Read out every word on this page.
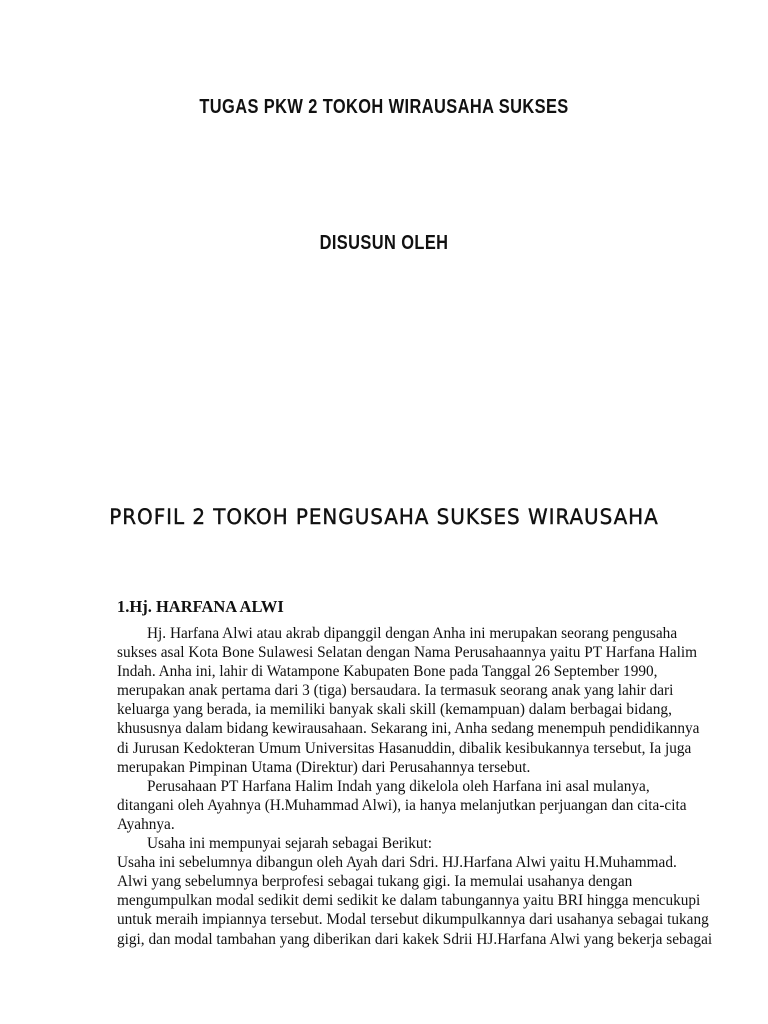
TUGAS PKW 2 TOKOH WIRAUSAHA SUKSES
DISUSUN OLEH
PROFIL 2 TOKOH PENGUSAHA SUKSES WIRAUSAHA
1.Hj. HARFANA ALWI
Hj. Harfana Alwi atau akrab dipanggil dengan Anha ini merupakan seorang pengusaha
sukses asal Kota Bone Sulawesi Selatan dengan Nama Perusahaannya yaitu PT Harfana Halim
Indah. Anha ini, lahir di Watampone Kabupaten Bone pada Tanggal 26 September 1990,
merupakan anak pertama dari 3 (tiga) bersaudara. Ia termasuk seorang anak yang lahir dari
keluarga yang berada, ia memiliki banyak skali skill (kemampuan) dalam berbagai bidang,
khususnya dalam bidang kewirausahaan. Sekarang ini, Anha sedang menempuh pendidikannya
di Jurusan Kedokteran Umum Universitas Hasanuddin, dibalik kesibukannya tersebut, Ia juga
merupakan Pimpinan Utama (Direktur) dari Perusahannya tersebut.
Perusahaan PT Harfana Halim Indah yang dikelola oleh Harfana ini asal mulanya,
ditangani oleh Ayahnya (H.Muhammad Alwi), ia hanya melanjutkan perjuangan dan cita-cita
Ayahnya.
Usaha ini mempunyai sejarah sebagai Berikut:
Usaha ini sebelumnya dibangun oleh Ayah dari Sdri. HJ.Harfana Alwi yaitu H.Muhammad.
Alwi yang sebelumnya berprofesi sebagai tukang gigi. Ia memulai usahanya dengan
mengumpulkan modal sedikit demi sedikit ke dalam tabungannya yaitu BRI hingga mencukupi
untuk meraih impiannya tersebut. Modal tersebut dikumpulkannya dari usahanya sebagai tukang
gigi, dan modal tambahan yang diberikan dari kakek Sdrii HJ.Harfana Alwi yang bekerja sebagai
